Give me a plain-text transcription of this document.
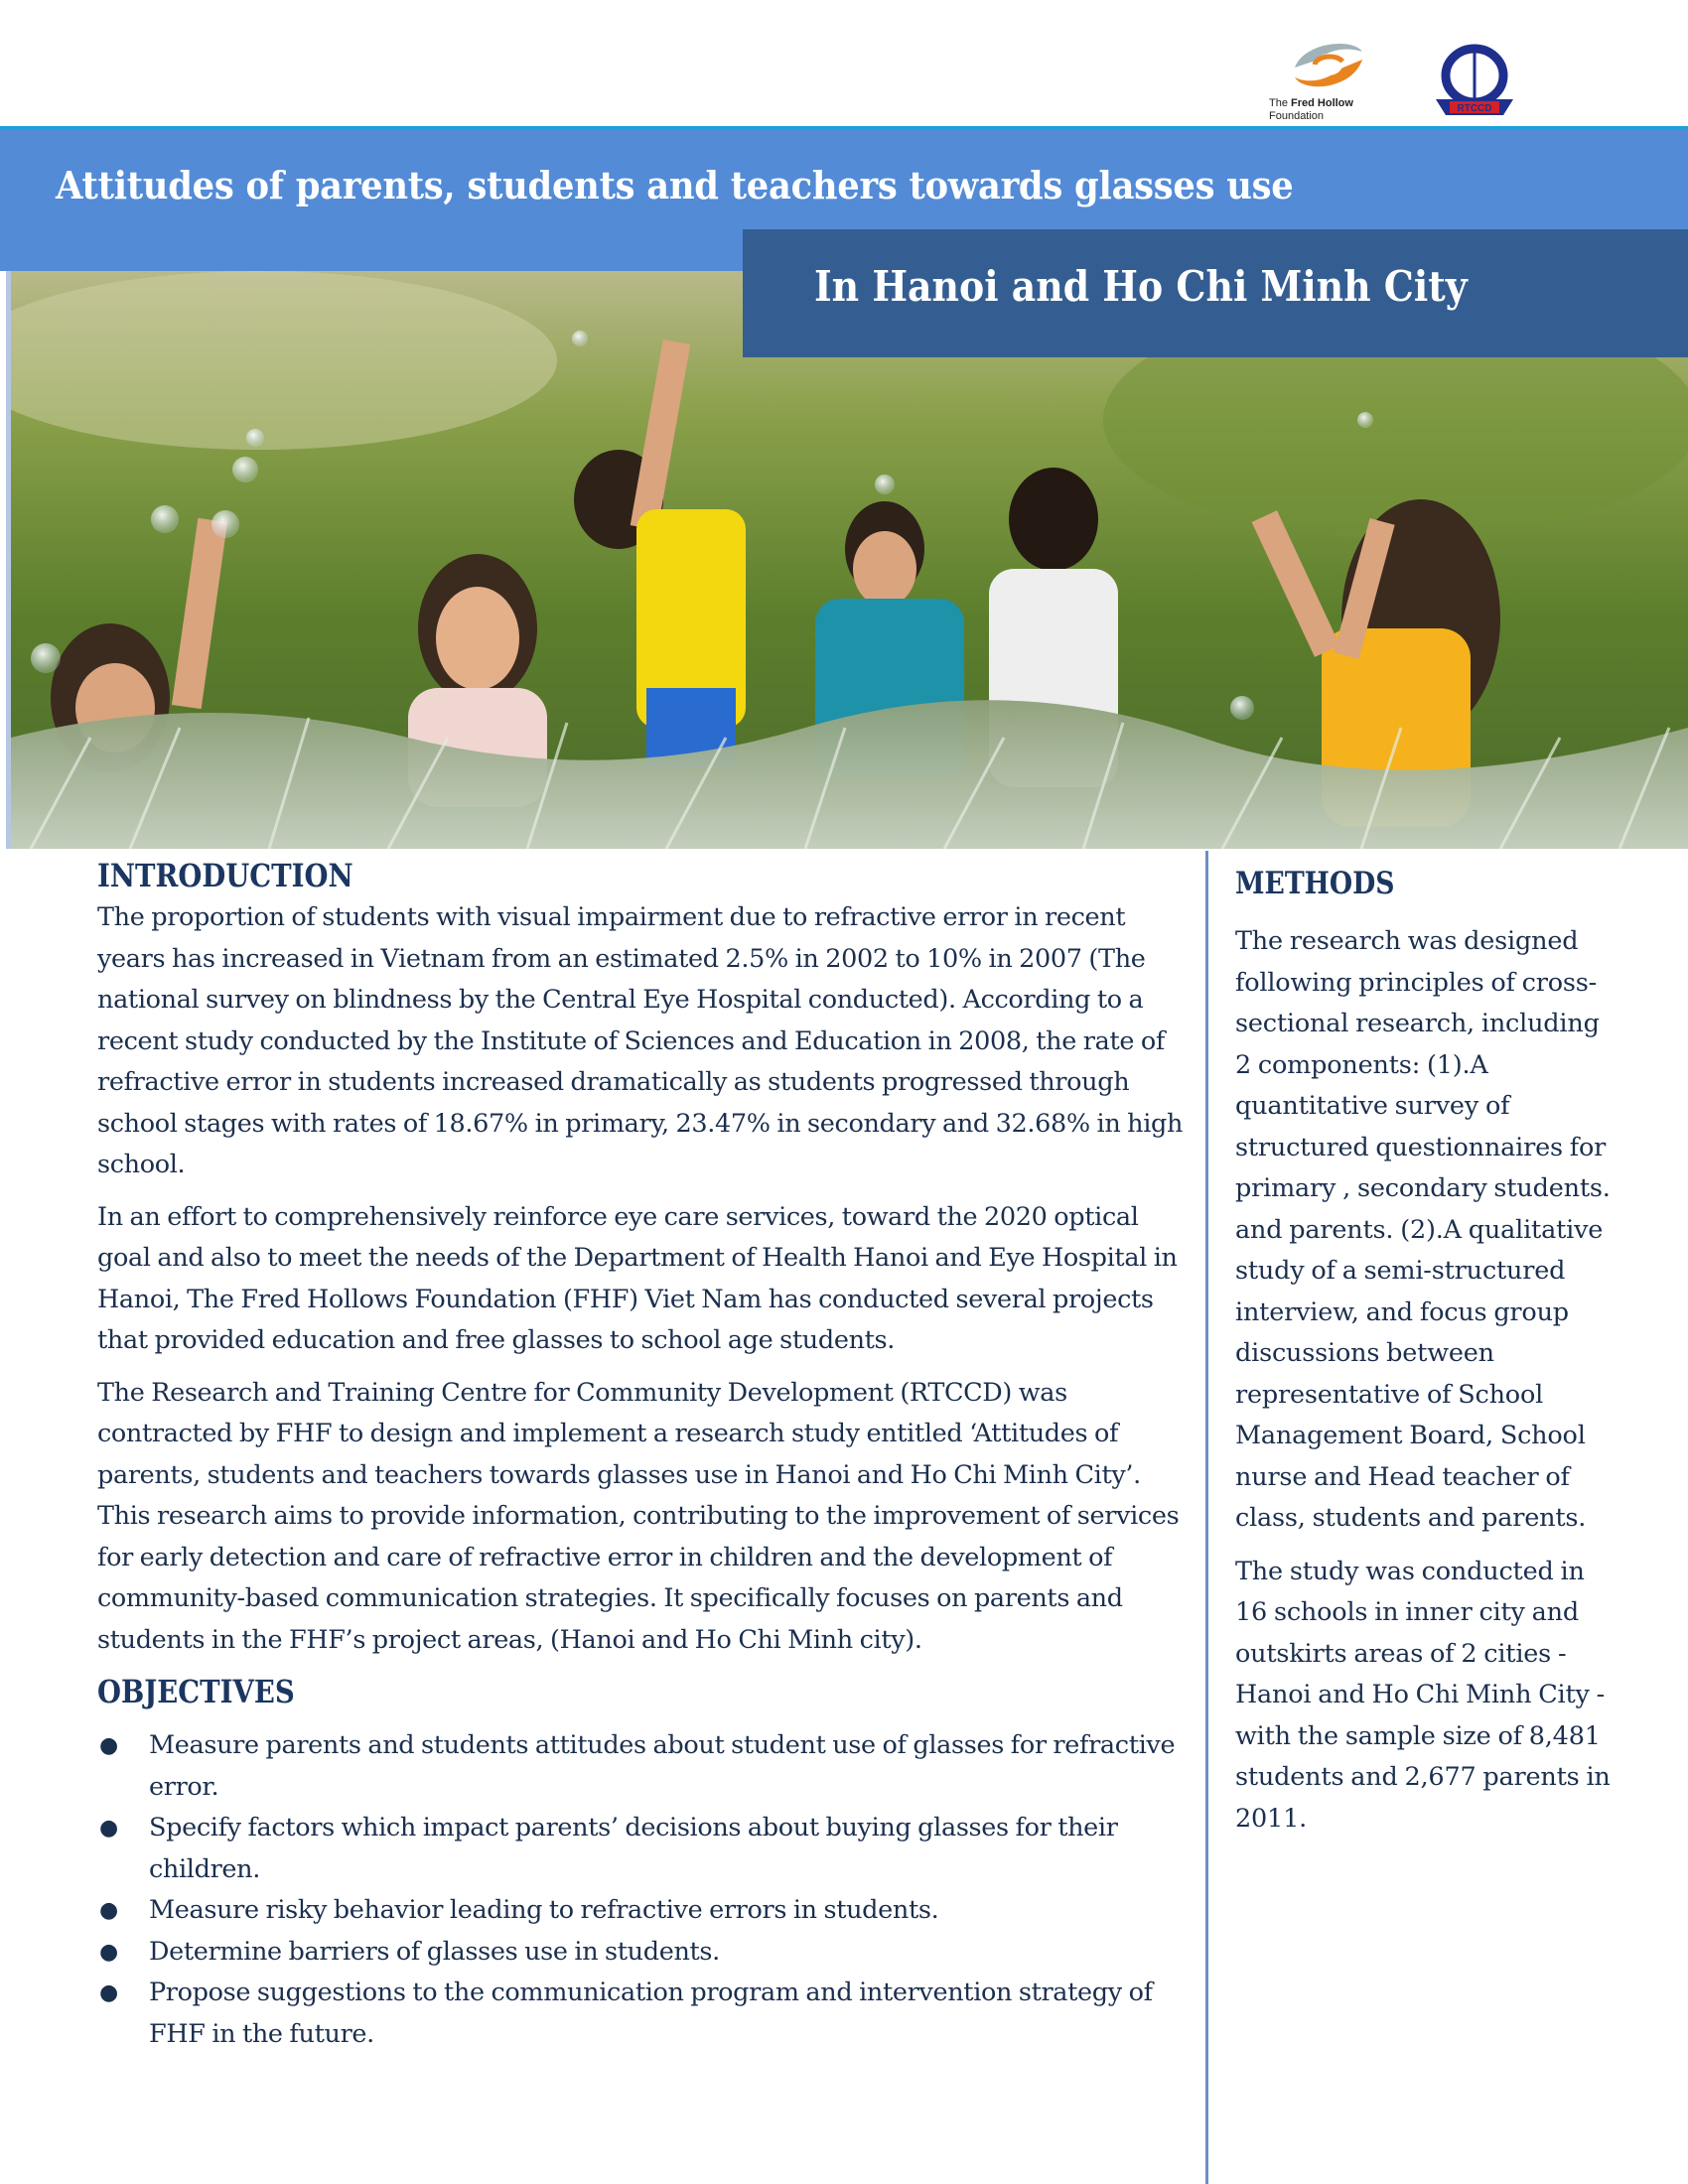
The Fred Hollow
Foundation
RTCCD
Attitudes of parents, students and teachers towards glasses use
In Hanoi and Ho Chi Minh City
INTRODUCTION

The proportion of students with visual impairment due to refractive error in recent years has increased in Vietnam from an estimated 2.5% in 2002 to 10% in 2007 (The national survey on blindness by the Central Eye Hospital conducted). According to a recent study conducted by the Institute of Sciences and Education in 2008, the rate of refractive error in students increased dramatically as students progressed through school stages with rates of 18.67% in primary, 23.47% in secondary and 32.68% in high school.

In an effort to comprehensively reinforce eye care services, toward the 2020 optical goal and also to meet the needs of the Department of Health Hanoi and Eye Hospital in Hanoi, The Fred Hollows Foundation (FHF) Viet Nam has conducted several projects that provided education and free glasses to school age students.

The Research and Training Centre for Community Development (RTCCD) was contracted by FHF to design and implement a research study entitled ‘Attitudes of parents, students and teachers towards glasses use in Hanoi and Ho Chi Minh City’. This research aims to provide information, contributing to the improvement of services for early detection and care of refractive error in children and the development of community-based communication strategies. It specifically focuses on parents and students in the FHF’s project areas, (Hanoi and Ho Chi Minh city).

OBJECTIVES
● Measure parents and students attitudes about student use of glasses for refractive error.
● Specify factors which impact parents’ decisions about buying glasses for their children.
● Measure risky behavior leading to refractive errors in students.
● Determine barriers of glasses use in students.
● Propose suggestions to the communication program and intervention strategy of FHF in the future.
METHODS

The research was designed following principles of cross-sectional research, including 2 components: (1).A quantitative survey of structured questionnaires for primary , secondary students. and parents. (2).A qualitative study of a semi-structured interview, and focus group discussions between representative of School Management Board, School nurse and Head teacher of class, students and parents.

The study was conducted in 16 schools in inner city and outskirts areas of 2 cities - Hanoi and Ho Chi Minh City -with the sample size of 8,481 students and 2,677 parents in 2011.
